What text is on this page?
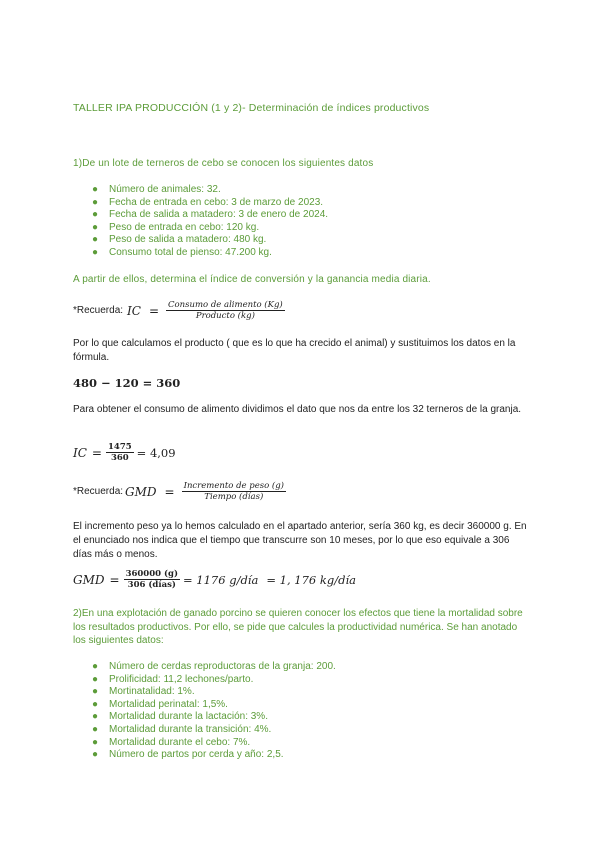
TALLER IPA PRODUCCIÓN (1 y 2)- Determinación de índices productivos
1)De un lote de terneros de cebo se conocen los siguientes datos
● Número de animales: 32.
● Fecha de entrada en cebo: 3 de marzo de 2023.
● Fecha de salida a matadero: 3 de enero de 2024.
● Peso de entrada en cebo: 120 kg.
● Peso de salida a matadero: 480 kg.
● Consumo total de pienso: 47.200 kg.
A partir de ellos, determina el índice de conversión y la ganancia media diaria.
*Recuerda: IC = $\frac{\text{Consumo de alimento (Kg)}}{\text{Producto (kg)}}$
Por lo que calculamos el producto ( que es lo que ha crecido el animal) y sustituimos los datos en la fórmula.
480 − 120 = 360
Para obtener el consumo de alimento dividimos el dato que nos da entre los 32 terneros de la granja.
IC = $\frac{1475}{360} = 4,09$
*Recuerda: GMD = $\frac{\text{Incremento de peso (g)}}{\text{Tiempo (días)}}$
El incremento peso ya lo hemos calculado en el apartado anterior, sería 360 kg, es decir 360000 g. En el enunciado nos indica que el tiempo que transcurre son 10 meses, por lo que eso equivale a 306 días más o menos.
GMD = $\frac{360000 (g)}{\text{306 (días)}} = 1176$ g/día = 1, 176 kg/día
2)En una explotación de ganado porcino se quieren conocer los efectos que tiene la mortalidad sobre los resultados productivos. Por ello, se pide que calcules la productividad numérica. Se han anotado los siguientes datos:
● Número de cerdas reproductoras de la granja: 200.
● Prolificidad: 11,2 lechones/parto.
● Mortinatalidad: 1%.
● Mortalidad perinatal: 1,5%.
● Mortalidad durante la lactación: 3%.
● Mortalidad durante la transición: 4%.
● Mortalidad durante el cebo: 7%.
● Número de partos por cerda y año: 2,5.
